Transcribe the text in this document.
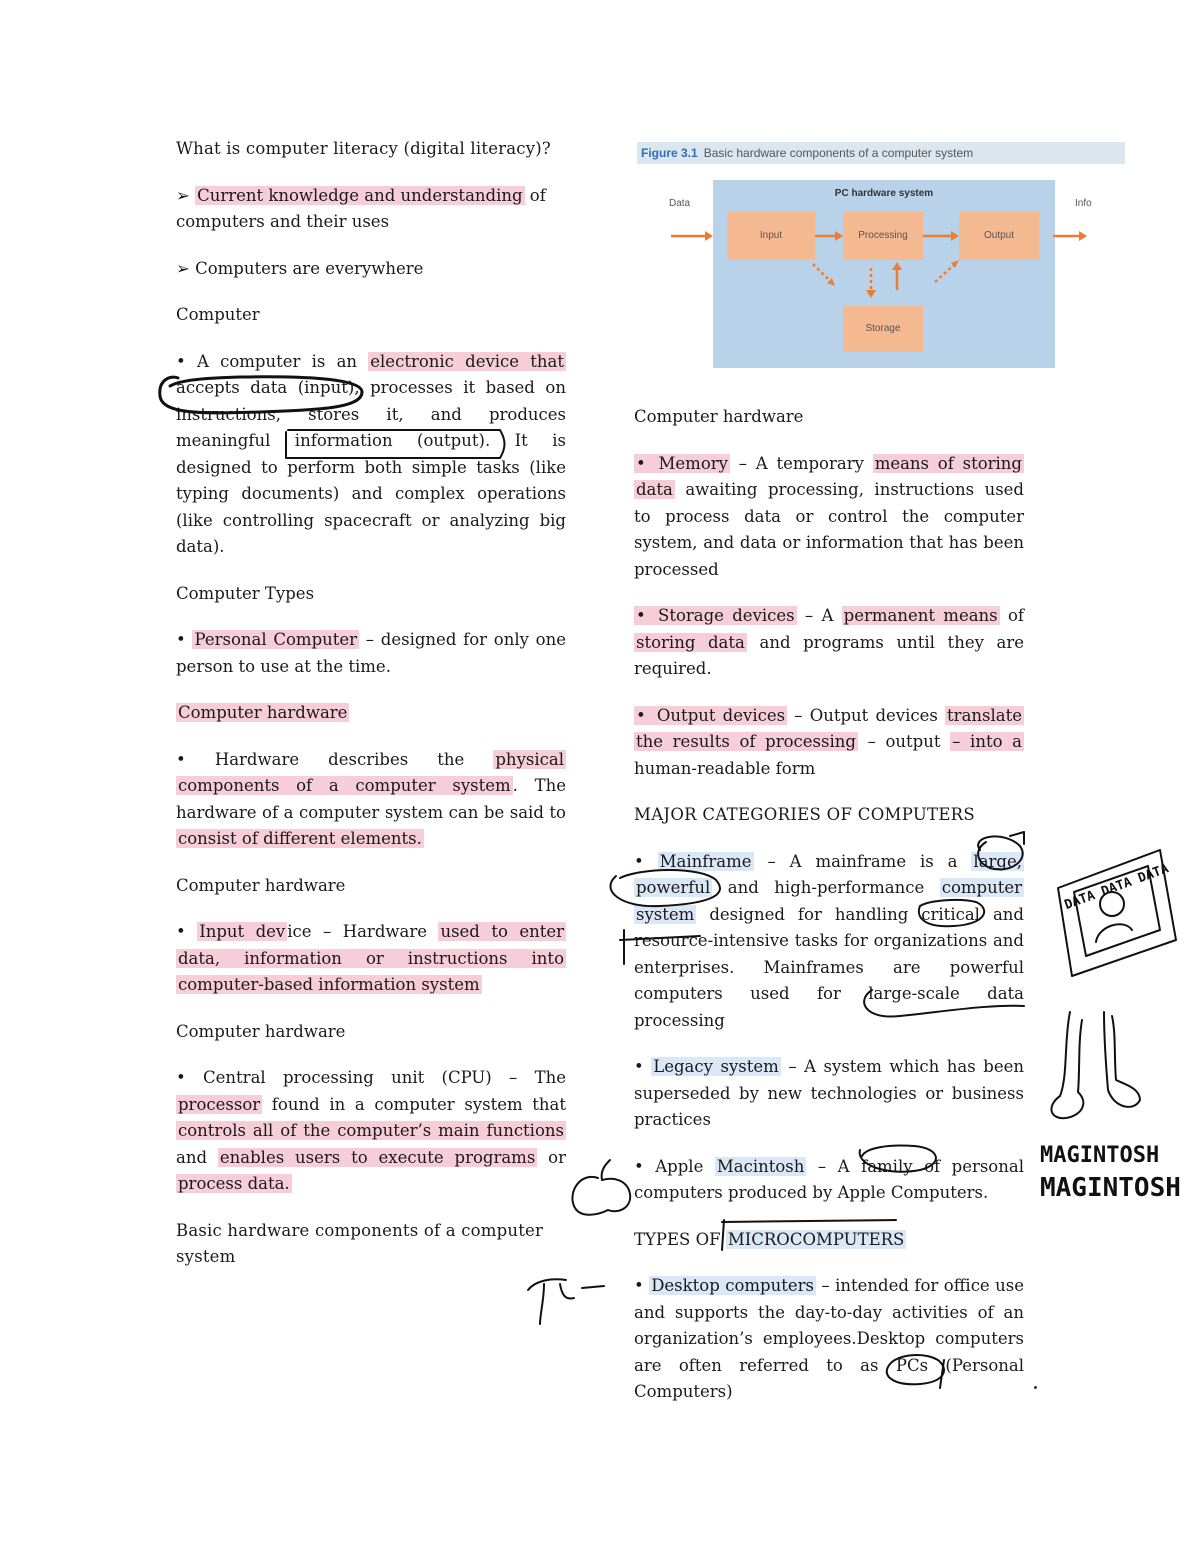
What is computer literacy (digital literacy)?

➢ Current knowledge and understanding of computers and their uses

➢ Computers are everywhere

Computer

• A computer is an electronic device that accepts data (input), processes it based on instructions, stores it, and produces meaningful information (output). It is designed to perform both simple tasks (like typing documents) and complex operations (like controlling spacecraft or analyzing big data).

Computer Types

• Personal Computer – designed for only one person to use at the time.

Computer hardware

• Hardware describes the physical components of a computer system . The hardware of a computer system can be said to consist of different elements.

Computer hardware

• Input dev ice – Hardware used to enter data, information or instructions into computer-based information system

Computer hardware

• Central processing unit (CPU) – The processor found in a computer system that controls all of the computer’s main functions and enables users to execute programs or process data.

Basic hardware components of a computer system

Figure 3.1 Basic hardware components of a computer system
PC hardware system
Input	Processing	Output
Storage
Data	Info

Computer hardware

• Memory – A temporary means of storing data awaiting processing, instructions used to process data or control the computer system, and data or information that has been processed

• Storage devices – A permanent means of storing data and programs until they are required.

• Output devices – Output devices translate the results of processing – output – into a human-readable form

MAJOR CATEGORIES OF COMPUTERS

• Mainframe – A mainframe is a large, powerful and high-performance computer system designed for handling critical and resource-intensive tasks for organizations and enterprises. Mainframes are powerful computers used for large-scale data processing

• Legacy system – A system which has been superseded by new technologies or business practices

• Apple Macintosh – A family of personal computers produced by Apple Computers.

TYPES OF MICROCOMPUTERS

• Desktop computers – intended for office use and supports the day-to-day activities of an organization’s employees.Desktop computers are often referred to as PCs (Personal Computers)

DATA DATA DATA
MAGINTOSH
MAGINTOSH
